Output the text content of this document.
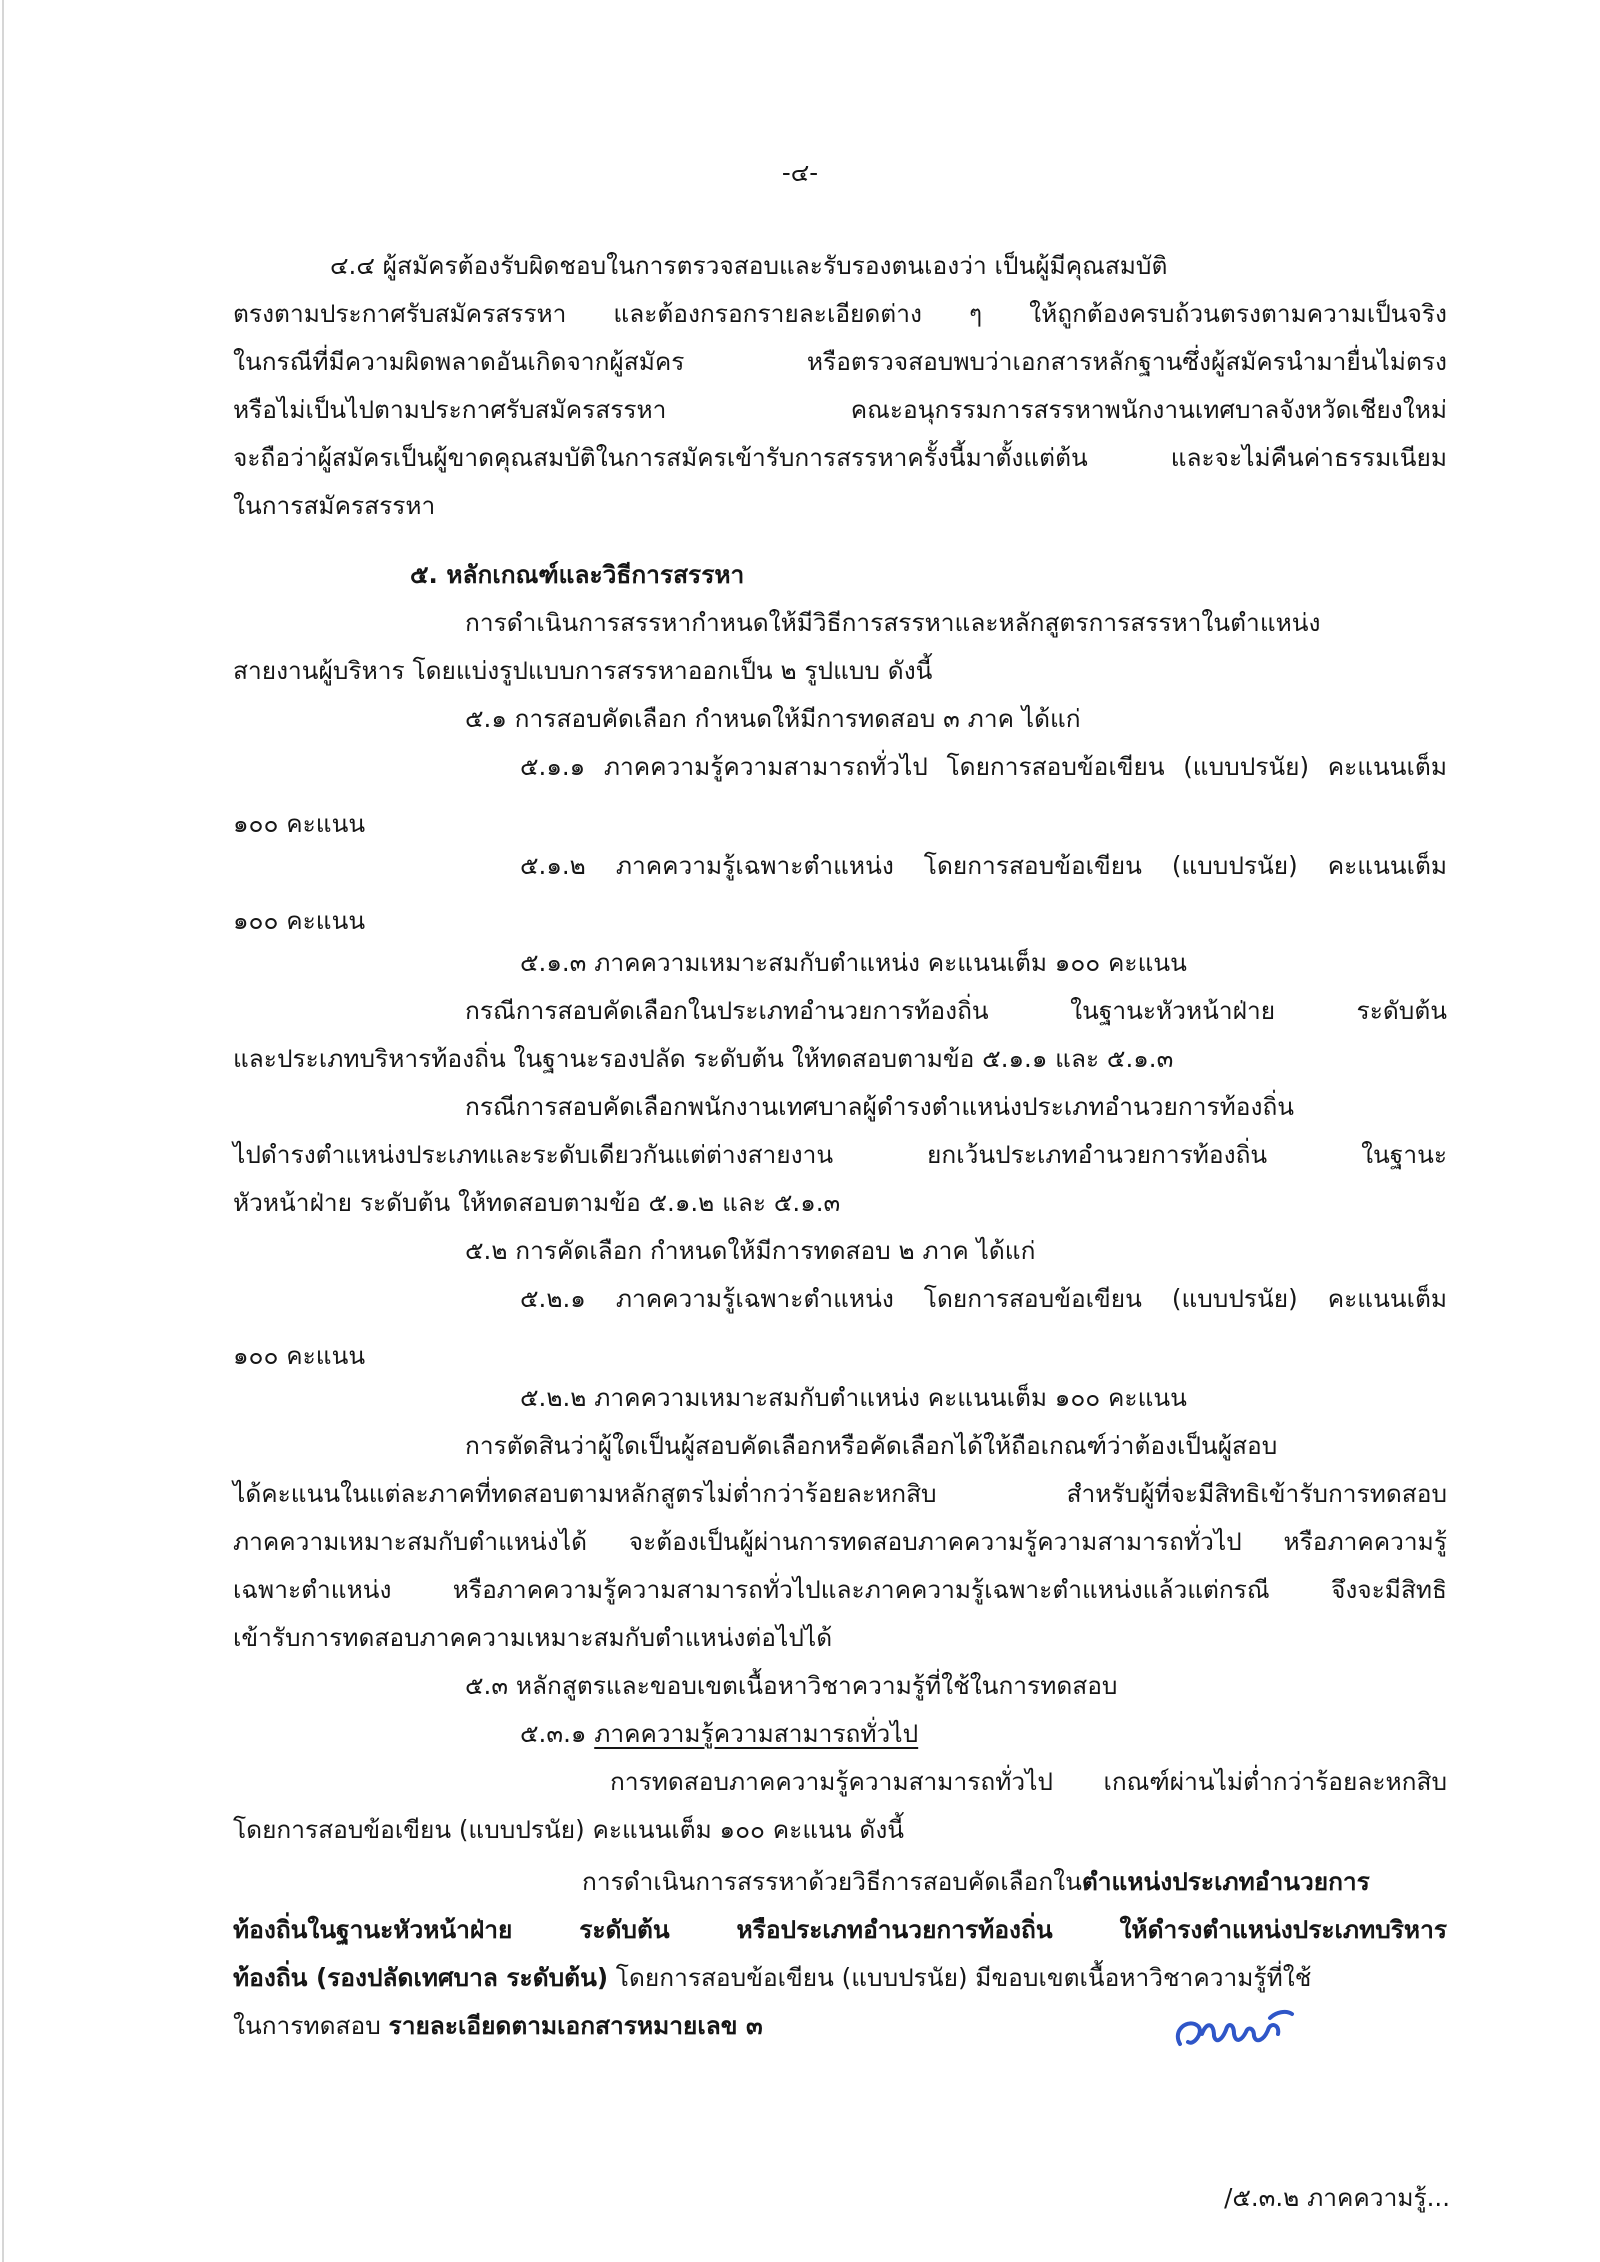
-๔-
๔.๔ ผู้สมัครต้องรับผิดชอบในการตรวจสอบและรับรองตนเองว่า เป็นผู้มีคุณสมบัติ
ตรงตามประกาศรับสมัครสรรหา และต้องกรอกรายละเอียดต่าง ๆ ให้ถูกต้องครบถ้วนตรงตามความเป็นจริง
ในกรณีที่มีความผิดพลาดอันเกิดจากผู้สมัคร หรือตรวจสอบพบว่าเอกสารหลักฐานซึ่งผู้สมัครนำมายื่นไม่ตรง
หรือไม่เป็นไปตามประกาศรับสมัครสรรหา คณะอนุกรรมการสรรหาพนักงานเทศบาลจังหวัดเชียงใหม่
จะถือว่าผู้สมัครเป็นผู้ขาดคุณสมบัติในการสมัครเข้ารับการสรรหาครั้งนี้มาตั้งแต่ต้น และจะไม่คืนค่าธรรมเนียม
ในการสมัครสรรหา
๕. หลักเกณฑ์และวิธีการสรรหา
การดำเนินการสรรหากำหนดให้มีวิธีการสรรหาและหลักสูตรการสรรหาในตำแหน่ง
สายงานผู้บริหาร โดยแบ่งรูปแบบการสรรหาออกเป็น ๒ รูปแบบ ดังนี้
๕.๑ การสอบคัดเลือก กำหนดให้มีการทดสอบ ๓ ภาค ได้แก่
๕.๑.๑ ภาคความรู้ความสามารถทั่วไป โดยการสอบข้อเขียน (แบบปรนัย) คะแนนเต็ม
๑๐๐ คะแนน
๕.๑.๒ ภาคความรู้เฉพาะตำแหน่ง โดยการสอบข้อเขียน (แบบปรนัย) คะแนนเต็ม
๑๐๐ คะแนน
๕.๑.๓ ภาคความเหมาะสมกับตำแหน่ง คะแนนเต็ม ๑๐๐ คะแนน
กรณีการสอบคัดเลือกในประเภทอำนวยการท้องถิ่น ในฐานะหัวหน้าฝ่าย ระดับต้น
และประเภทบริหารท้องถิ่น ในฐานะรองปลัด ระดับต้น ให้ทดสอบตามข้อ ๕.๑.๑ และ ๕.๑.๓
กรณีการสอบคัดเลือกพนักงานเทศบาลผู้ดำรงตำแหน่งประเภทอำนวยการท้องถิ่น
ไปดำรงตำแหน่งประเภทและระดับเดียวกันแต่ต่างสายงาน ยกเว้นประเภทอำนวยการท้องถิ่น ในฐานะ
หัวหน้าฝ่าย ระดับต้น ให้ทดสอบตามข้อ ๕.๑.๒ และ ๕.๑.๓
๕.๒ การคัดเลือก กำหนดให้มีการทดสอบ ๒ ภาค ได้แก่
๕.๒.๑ ภาคความรู้เฉพาะตำแหน่ง โดยการสอบข้อเขียน (แบบปรนัย) คะแนนเต็ม
๑๐๐ คะแนน
๕.๒.๒ ภาคความเหมาะสมกับตำแหน่ง คะแนนเต็ม ๑๐๐ คะแนน
การตัดสินว่าผู้ใดเป็นผู้สอบคัดเลือกหรือคัดเลือกได้ให้ถือเกณฑ์ว่าต้องเป็นผู้สอบ
ได้คะแนนในแต่ละภาคที่ทดสอบตามหลักสูตรไม่ต่ำกว่าร้อยละหกสิบ สำหรับผู้ที่จะมีสิทธิเข้ารับการทดสอบ
ภาคความเหมาะสมกับตำแหน่งได้ จะต้องเป็นผู้ผ่านการทดสอบภาคความรู้ความสามารถทั่วไป หรือภาคความรู้
เฉพาะตำแหน่ง หรือภาคความรู้ความสามารถทั่วไปและภาคความรู้เฉพาะตำแหน่งแล้วแต่กรณี จึงจะมีสิทธิ
เข้ารับการทดสอบภาคความเหมาะสมกับตำแหน่งต่อไปได้
๕.๓ หลักสูตรและขอบเขตเนื้อหาวิชาความรู้ที่ใช้ในการทดสอบ
๕.๓.๑ ภาคความรู้ความสามารถทั่วไป
การทดสอบภาคความรู้ความสามารถทั่วไป เกณฑ์ผ่านไม่ต่ำกว่าร้อยละหกสิบ
โดยการสอบข้อเขียน (แบบปรนัย) คะแนนเต็ม ๑๐๐ คะแนน ดังนี้
การดำเนินการสรรหาด้วยวิธีการสอบคัดเลือกในตำแหน่งประเภทอำนวยการ
ท้องถิ่นในฐานะหัวหน้าฝ่าย ระดับต้น หรือประเภทอำนวยการท้องถิ่น ให้ดำรงตำแหน่งประเภทบริหาร
ท้องถิ่น (รองปลัดเทศบาล ระดับต้น) โดยการสอบข้อเขียน (แบบปรนัย) มีขอบเขตเนื้อหาวิชาความรู้ที่ใช้
ในการทดสอบ รายละเอียดตามเอกสารหมายเลข ๓
/๕.๓.๒ ภาคความรู้...
